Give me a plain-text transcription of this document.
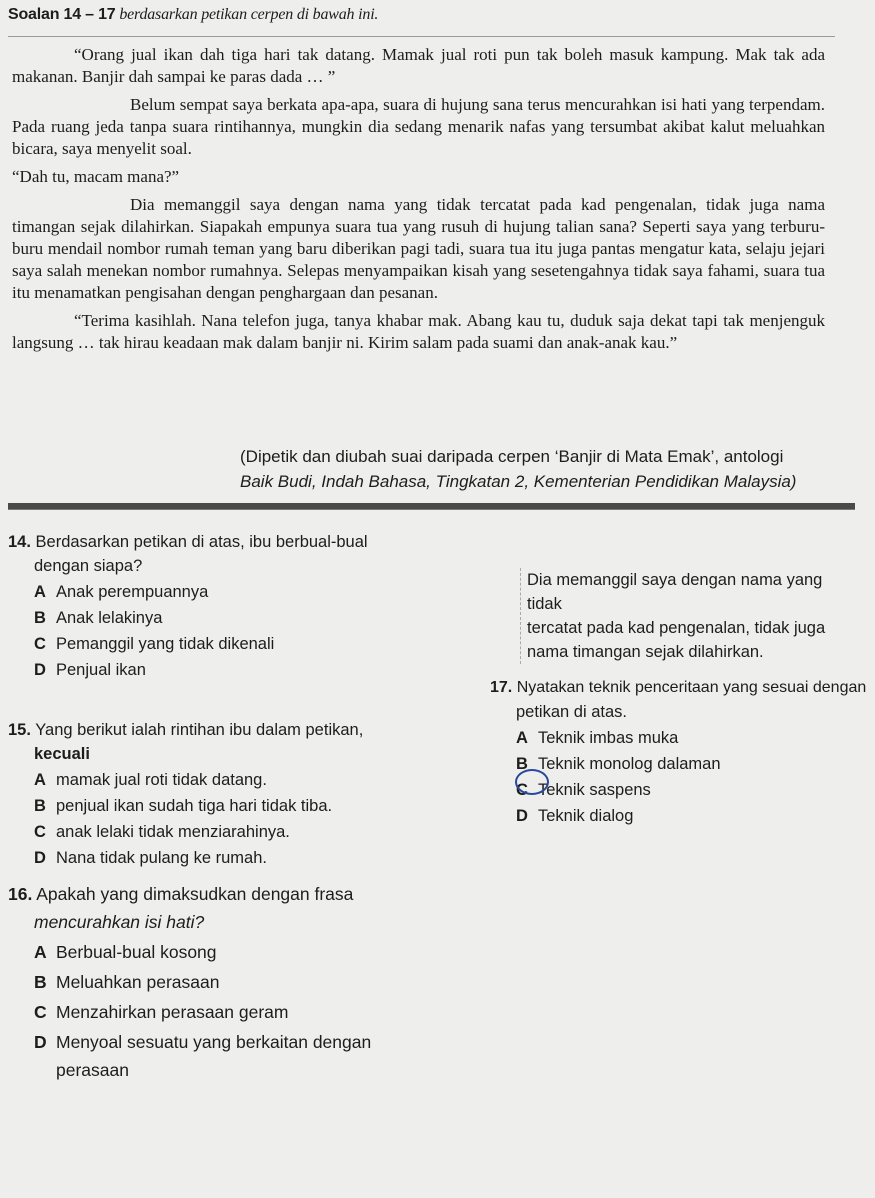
Soalan 14 – 17 berdasarkan petikan cerpen di bawah ini.

“Orang jual ikan dah tiga hari tak datang. Mamak jual roti pun tak boleh masuk kampung. Mak tak ada makanan. Banjir dah sampai ke paras dada … ”

Belum sempat saya berkata apa-apa, suara di hujung sana terus mencurahkan isi hati yang terpendam. Pada ruang jeda tanpa suara rintihannya, mungkin dia sedang menarik nafas yang tersumbat akibat kalut meluahkan bicara, saya menyelit soal.

“Dah tu, macam mana?”

Dia memanggil saya dengan nama yang tidak tercatat pada kad pengenalan, tidak juga nama timangan sejak dilahirkan. Siapakah empunya suara tua yang rusuh di hujung talian sana? Seperti saya yang terburu-buru mendail nombor rumah teman yang baru diberikan pagi tadi, suara tua itu juga pantas mengatur kata, selaju jejari saya salah menekan nombor rumahnya. Selepas menyampaikan kisah yang sesetengahnya tidak saya fahami, suara tua itu menamatkan pengisahan dengan penghargaan dan pesanan.

“Terima kasihlah. Nana telefon juga, tanya khabar mak. Abang kau tu, duduk saja dekat tapi tak menjenguk langsung … tak hirau keadaan mak dalam banjir ni. Kirim salam pada suami dan anak-anak kau.”

(Dipetik dan diubah suai daripada cerpen ‘Banjir di Mata Emak’, antologi
Baik Budi, Indah Bahasa, Tingkatan 2, Kementerian Pendidikan Malaysia)

14. Berdasarkan petikan di atas, ibu berbual-bual

dengan siapa?

A Anak perempuannya
B Anak lelakinya
C Pemanggil yang tidak dikenali
D Penjual ikan
Dia memanggil saya dengan nama yang tidak
tercatat pada kad pengenalan, tidak juga
nama timangan sejak dilahirkan.

15. Yang berikut ialah rintihan ibu dalam petikan,

kecuali

A mamak jual roti tidak datang.
B penjual ikan sudah tiga hari tidak tiba.
C anak lelaki tidak menziarahinya.
D Nana tidak pulang ke rumah.

16. Apakah yang dimaksudkan dengan frasa

mencurahkan isi hati?

A Berbual-bual kosong
B Meluahkan perasaan
C Menzahirkan perasaan geram
D Menyoal sesuatu yang berkaitan dengan

perasaan

17. Nyatakan teknik penceritaan yang sesuai dengan

petikan di atas.

A Teknik imbas muka
B Teknik monolog dalaman
C Teknik saspens
D Teknik dialog
